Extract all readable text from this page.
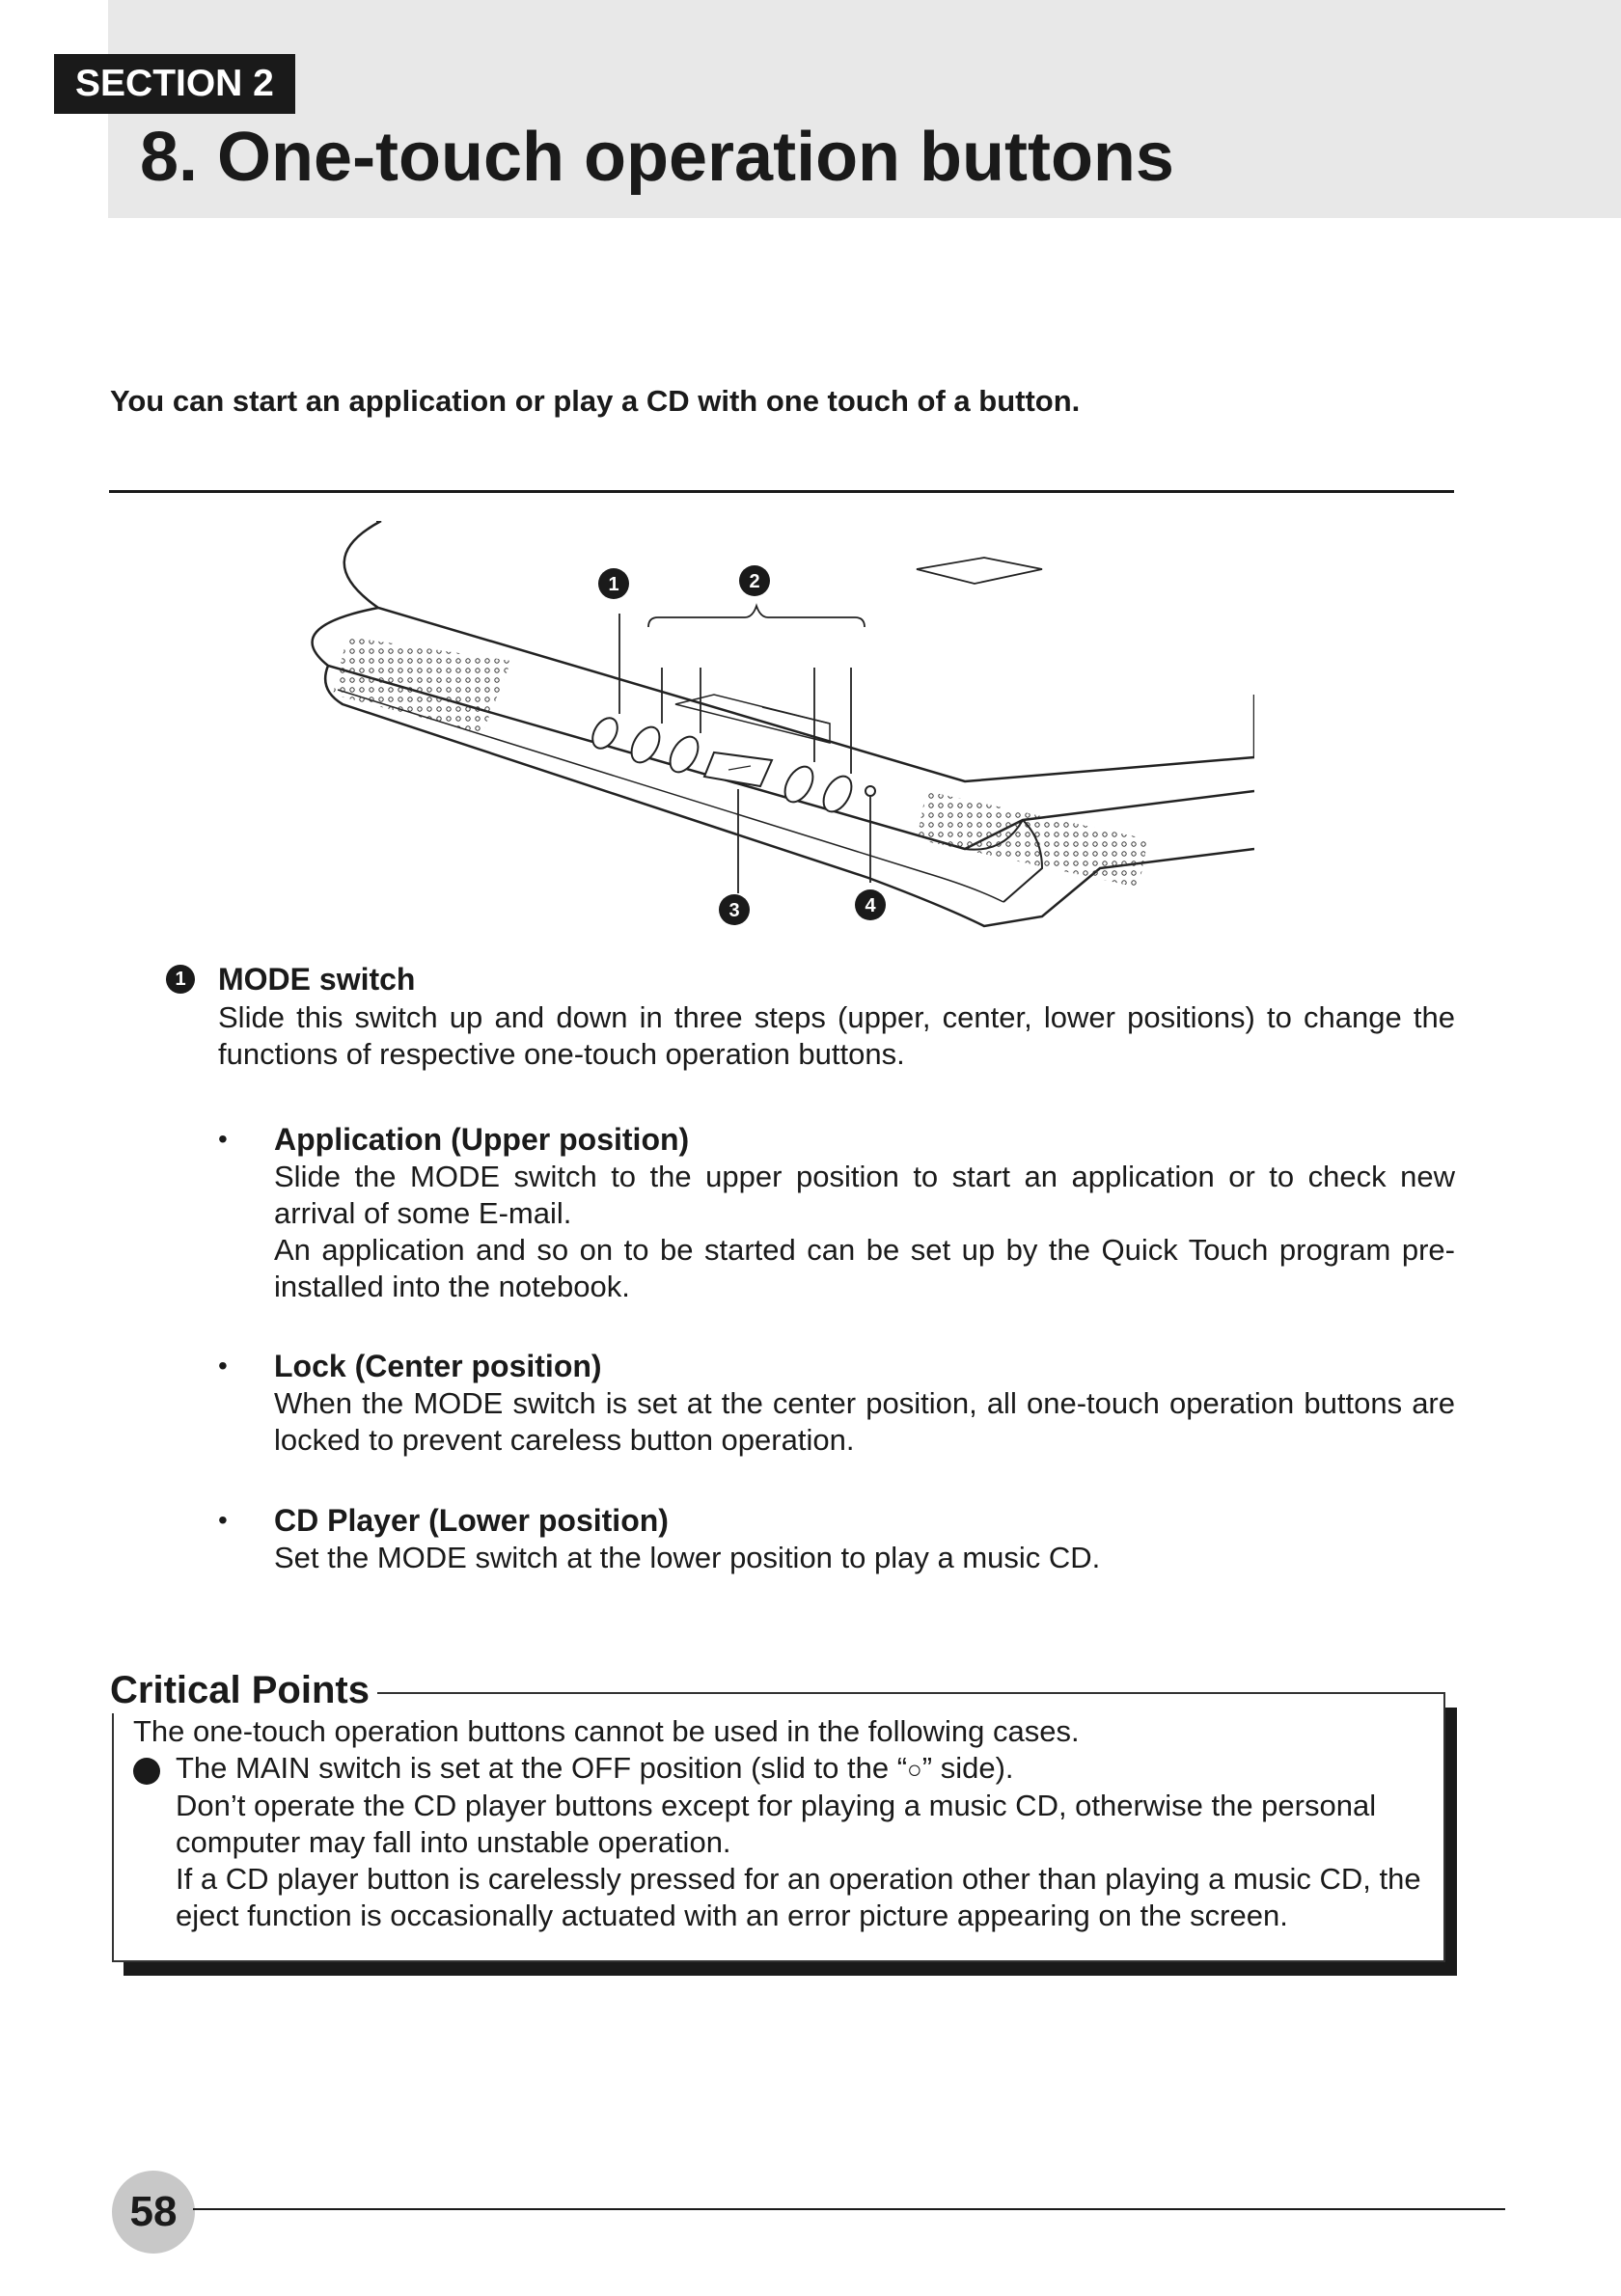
SECTION 2
8. One-touch operation buttons
You can start an application or play a CD with one touch of a button.
1	2
3	4
1 MODE switch
Slide this switch up and down in three steps (upper, center, lower positions) to change the functions of respective one-touch operation buttons.
• Application (Upper position)
Slide the MODE switch to the upper position to start an application or to check new arrival of some E-mail.
An application and so on to be started can be set up by the Quick Touch program pre-installed into the notebook.
• Lock (Center position)
When the MODE switch is set at the center position, all one-touch operation buttons are locked to prevent careless button operation.
• CD Player (Lower position)
Set the MODE switch at the lower position to play a music CD.
Critical Points
The one-touch operation buttons cannot be used in the following cases.

The MAIN switch is set at the OFF position (slid to the “○” side).

Don’t operate the CD player buttons except for playing a music CD, otherwise the personal computer may fall into unstable operation.

If a CD player button is carelessly pressed for an operation other than playing a music CD, the eject function is occasionally actuated with an error picture appearing on the screen.

58
